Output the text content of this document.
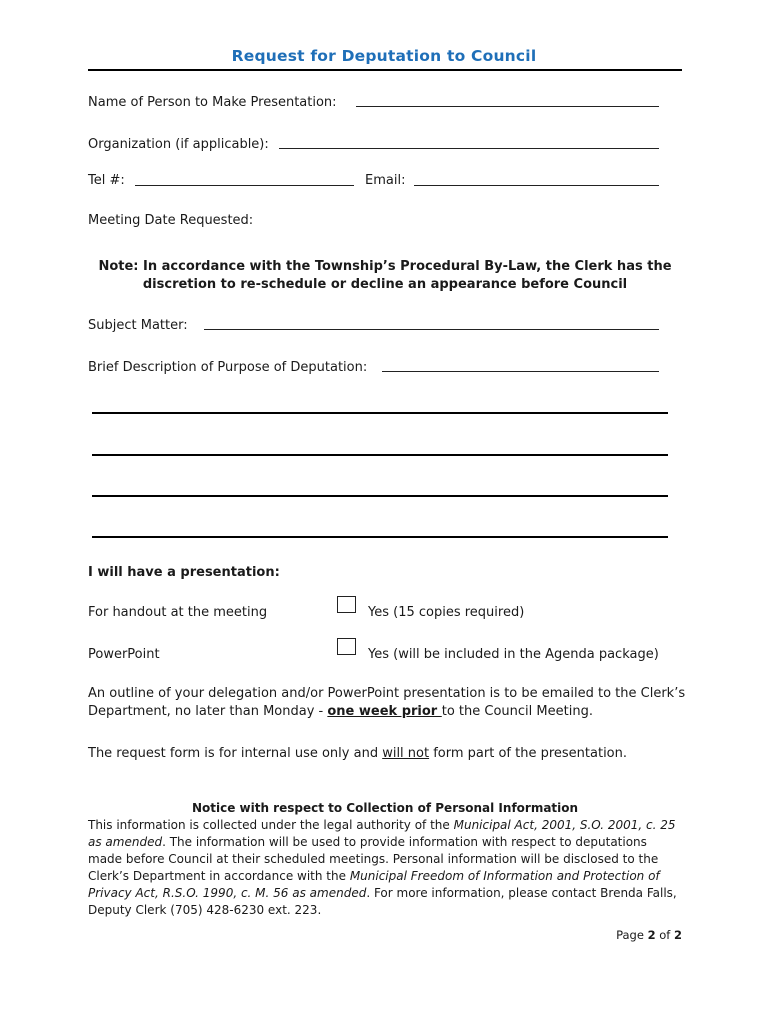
Request for Deputation to Council
Name of Person to Make Presentation:
Organization (if applicable):
Tel #:	Email:
Meeting Date Requested:
Note: In accordance with the Township’s Procedural By-Law, the Clerk has the discretion to re-schedule or decline an appearance before Council
Subject Matter:
Brief Description of Purpose of Deputation:
I will have a presentation:
For handout at the meeting	Yes (15 copies required)
PowerPoint	Yes (will be included in the Agenda package)
An outline of your delegation and/or PowerPoint presentation is to be emailed to the Clerk’s Department, no later than Monday - one week prior to the Council Meeting.
The request form is for internal use only and will not form part of the presentation.
Notice with respect to Collection of Personal Information
This information is collected under the legal authority of the Municipal Act, 2001, S.O. 2001, c. 25 as amended. The information will be used to provide information with respect to deputations made before Council at their scheduled meetings. Personal information will be disclosed to the Clerk’s Department in accordance with the Municipal Freedom of Information and Protection of Privacy Act, R.S.O. 1990, c. M. 56 as amended. For more information, please contact Brenda Falls, Deputy Clerk (705) 428-6230 ext. 223.
Page 2 of 2
